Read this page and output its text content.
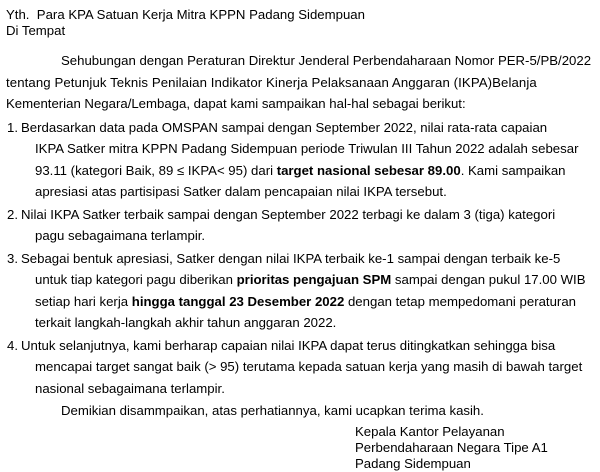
Yth. Para KPA Satuan Kerja Mitra KPPN Padang Sidempuan
Di Tempat
Sehubungan dengan Peraturan Direktur Jenderal Perbendaharaan Nomor PER-5/PB/2022
tentang Petunjuk Teknis Penilaian Indikator Kinerja Pelaksanaan Anggaran (IKPA)Belanja
Kementerian Negara/Lembaga, dapat kami sampaikan hal-hal sebagai berikut:
1. Berdasarkan data pada OMSPAN sampai dengan September 2022, nilai rata-rata capaian
IKPA Satker mitra KPPN Padang Sidempuan periode Triwulan III Tahun 2022 adalah sebesar
93.11 (kategori Baik, 89 ≤ IKPA< 95) dari target nasional sebesar 89.00. Kami sampaikan
apresiasi atas partisipasi Satker dalam pencapaian nilai IKPA tersebut.
2. Nilai IKPA Satker terbaik sampai dengan September 2022 terbagi ke dalam 3 (tiga) kategori
pagu sebagaimana terlampir.
3. Sebagai bentuk apresiasi, Satker dengan nilai IKPA terbaik ke-1 sampai dengan terbaik ke-5
untuk tiap kategori pagu diberikan prioritas pengajuan SPM sampai dengan pukul 17.00 WIB
setiap hari kerja hingga tanggal 23 Desember 2022 dengan tetap mempedomani peraturan
terkait langkah-langkah akhir tahun anggaran 2022.
4. Untuk selanjutnya, kami berharap capaian nilai IKPA dapat terus ditingkatkan sehingga bisa
mencapai target sangat baik (> 95) terutama kepada satuan kerja yang masih di bawah target
nasional sebagaimana terlampir.
Demikian disammpaikan, atas perhatiannya, kami ucapkan terima kasih.
Kepala Kantor Pelayanan
Perbendaharaan Negara Tipe A1
Padang Sidempuan
